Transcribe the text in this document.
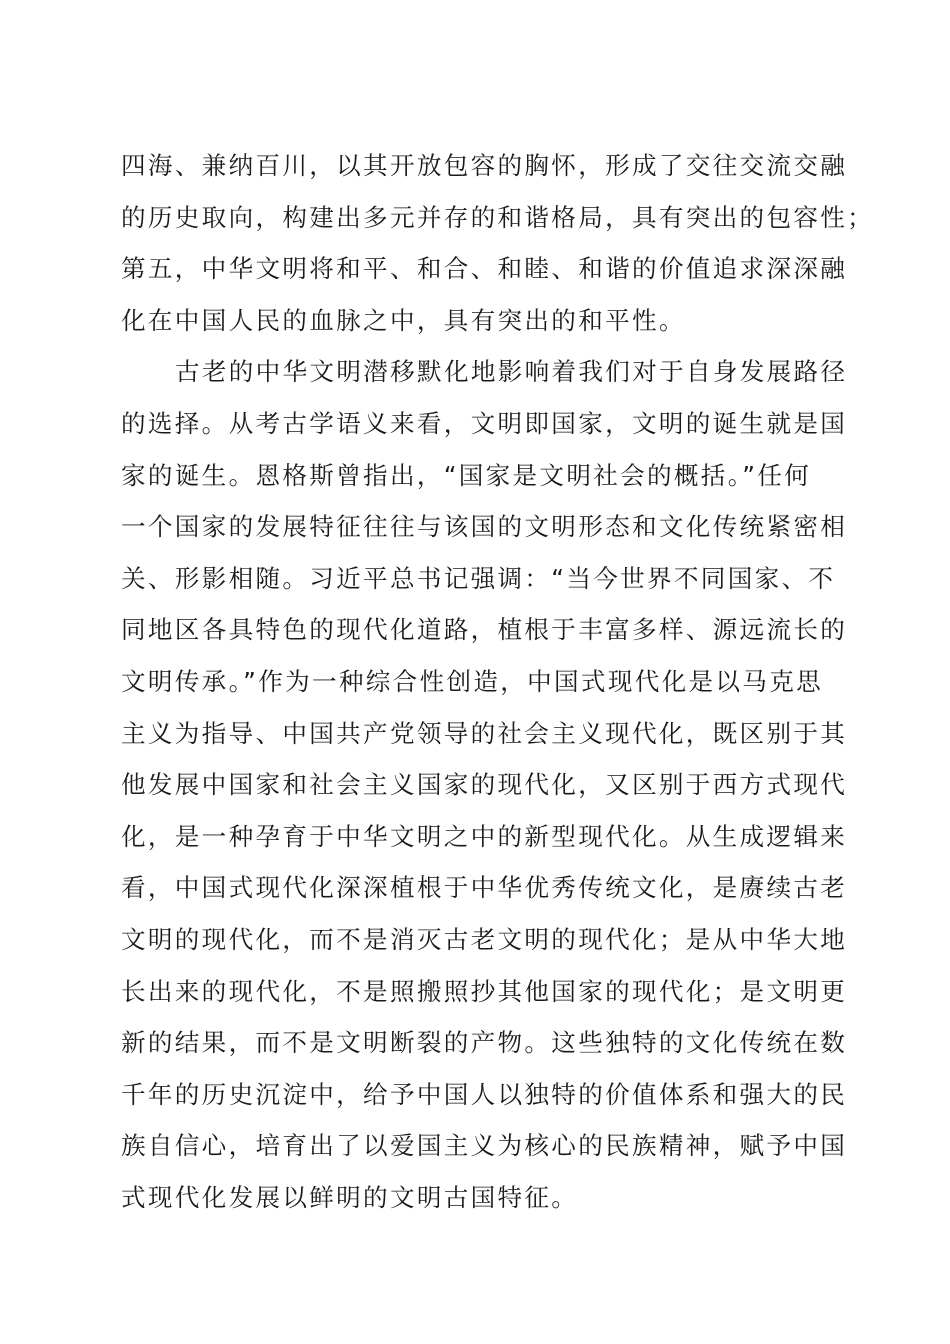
四海、兼纳百川，以其开放包容的胸怀，形成了交往交流交融
的历史取向，构建出多元并存的和谐格局，具有突出的包容性；
第五，中华文明将和平、和合、和睦、和谐的价值追求深深融
化在中国人民的血脉之中，具有突出的和平性。

古老的中华文明潜移默化地影响着我们对于自身发展路径
的选择。从考古学语义来看，文明即国家，文明的诞生就是国
家的诞生。恩格斯曾指出，“国家是文明社会的概括。”任何
一个国家的发展特征往往与该国的文明形态和文化传统紧密相
关、形影相随。习近平总书记强调：“当今世界不同国家、不
同地区各具特色的现代化道路，植根于丰富多样、源远流长的
文明传承。”作为一种综合性创造，中国式现代化是以马克思
主义为指导、中国共产党领导的社会主义现代化，既区别于其
他发展中国家和社会主义国家的现代化，又区别于西方式现代
化，是一种孕育于中华文明之中的新型现代化。从生成逻辑来
看，中国式现代化深深植根于中华优秀传统文化，是赓续古老
文明的现代化，而不是消灭古老文明的现代化；是从中华大地
长出来的现代化，不是照搬照抄其他国家的现代化；是文明更
新的结果，而不是文明断裂的产物。这些独特的文化传统在数
千年的历史沉淀中，给予中国人以独特的价值体系和强大的民
族自信心，培育出了以爱国主义为核心的民族精神，赋予中国
式现代化发展以鲜明的文明古国特征。
